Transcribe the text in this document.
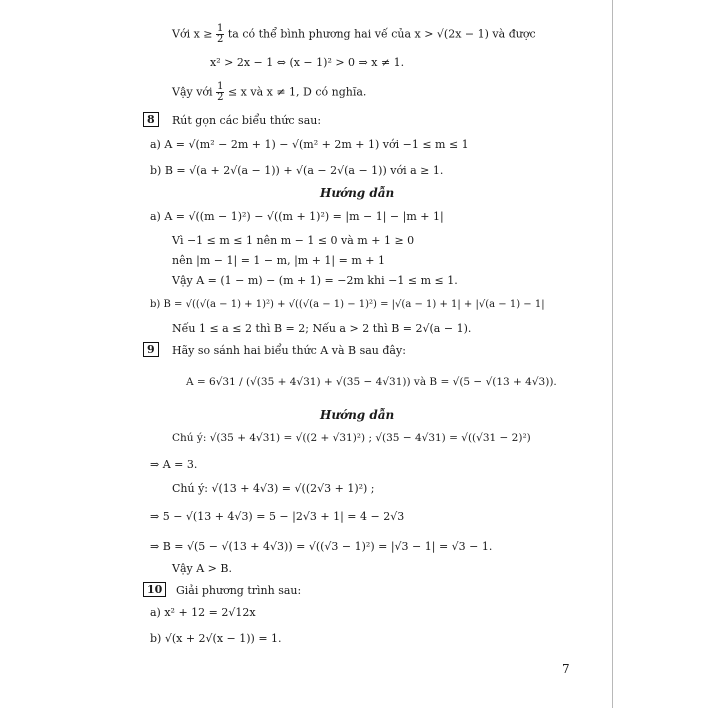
Với $x \ge \frac{1}{2}$ ta có thể bình phương hai vế của x > √(2x − 1) và được
x² > 2x − 1 ⇔ (x − 1)² > 0 ⇒ x ≠ 1.
Vậy với $\frac{1}{2} \le x$ và x ≠ 1, D có nghĩa.
8	Rút gọn các biểu thức sau:
a) A = √(m² − 2m + 1) − √(m² + 2m + 1) với −1 ≤ m ≤ 1
b) B = √(a + 2√(a − 1)) + √(a − 2√(a − 1)) với a ≥ 1.
Hướng dẫn
a) A = √((m − 1)²) − √((m + 1)²) = |m − 1| − |m + 1|
Vì −1 ≤ m ≤ 1 nên m − 1 ≤ 0 và m + 1 ≥ 0
nên |m − 1| = 1 − m, |m + 1| = m + 1
Vậy A = (1 − m) − (m + 1) = −2m khi −1 ≤ m ≤ 1.
b) B = √((√(a − 1) + 1)²) + √((√(a − 1) − 1)²) = |√(a − 1) + 1| + |√(a − 1) − 1|
Nếu 1 ≤ a ≤ 2 thì B = 2; Nếu a > 2 thì B = 2√(a − 1).
9	Hãy so sánh hai biểu thức A và B sau đây:
A = 6√31 / (√(35 + 4√31) + √(35 − 4√31)) và B = √(5 − √(13 + 4√3)).
Hướng dẫn
Chú ý: √(35 + 4√31) = √((2 + √31)²) ; √(35 − 4√31) = √((√31 − 2)²)
⇒ A = 3.
Chú ý: √(13 + 4√3) = √((2√3 + 1)²) ;
⇒ 5 − √(13 + 4√3) = 5 − |2√3 + 1| = 4 − 2√3
⇒ B = √(5 − √(13 + 4√3)) = √((√3 − 1)²) = |√3 − 1| = √3 − 1.
Vậy A > B.
10	Giải phương trình sau:
a) x² + 12 = 2√12x
b) √(x + 2√(x − 1)) = 1.
7
